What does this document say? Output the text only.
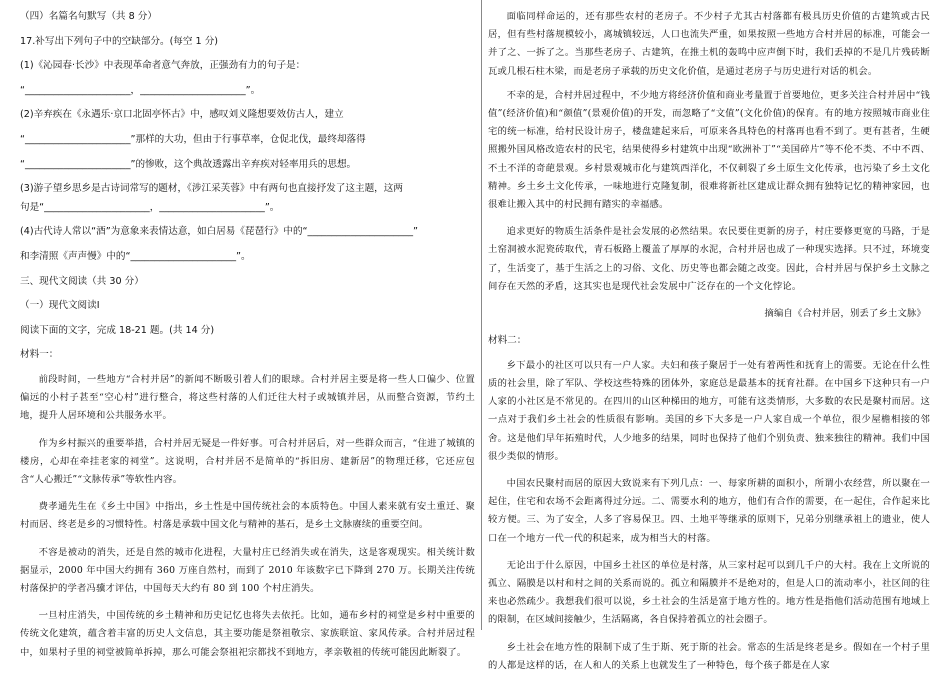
（四）名篇名句默写（共 8 分）

17.补写出下列句子中的空缺部分。(每空 1 分)

(1)《沁园春·长沙》中表现革命者意气奔放，正强劲有力的句子是：

“______________________，______________________”。

(2)辛弃疾在《永遇乐·京口北固亭怀古》中，感叹刘义隆想要效仿古人，建立

“______________________”那样的大功，但由于行事草率，仓促北伐，最终却落得

“______________________”的惨败，这个典故透露出辛弃疾对轻率用兵的思想。

(3)游子望乡思乡是古诗词常写的题材，《涉江采芙蓉》中有两句也直接抒发了这主题，这两

句是“______________________，______________________”。

(4)古代诗人常以“酒”为意象来表情达意，如白居易《琵琶行》中的“______________________”

和李清照《声声慢》中的“______________________”。

三、现代文阅读（共 30 分）

（一）现代文阅读Ⅰ

阅读下面的文字，完成 18-21 题。(共 14 分)

材料一：

前段时间，一些地方“合村并居”的新闻不断吸引着人们的眼球。合村并居主要是将一些人口偏少、位置偏远的小村子甚至“空心村”进行整合，将这些村落的人们迁往大村子或城镇并居，从而整合资源，节约土地，提升人居环境和公共服务水平。

作为乡村振兴的重要举措，合村并居无疑是一件好事。可合村并居后，对一些群众而言，“住进了城镇的楼房，心却在牵挂老家的祠堂”。这说明，合村并居不是简单的“拆旧房、建新居”的物理迁移，它还应包含“人心搬迁”“文脉传承”等软性内容。

费孝通先生在《乡土中国》中指出，乡土性是中国传统社会的本质特色。中国人素来就有安土重迁、聚村而居、终老是乡的习惯特性。村落是承载中国文化与精神的基石，是乡土文脉赓续的重要空间。

不容是被动的消失，还是自然的城市化进程，大量村庄已经消失或在消失，这是客观现实。相关统计数据显示，2000 年中国大约拥有 360 万座自然村，而到了 2010 年该数字已下降到 270 万。长期关注传统村落保护的学者冯骥才评估，中国每天大约有 80 到 100 个村庄消失。

一旦村庄消失，中国传统的乡土精神和历史记忆也将失去依托。比如，通布乡村的祠堂是乡村中重要的传统文化建筑，蕴含着丰富的历史人文信息，其主要功能是祭祖敬宗、家族联谊、家风传承。合村并居过程中，如果村子里的祠堂被简单拆掉，那么可能会祭祖祀宗都找不到地方，孝亲敬祖的传统可能因此断裂了。

面临同样命运的，还有那些农村的老房子。不少村子尤其古村落都有极具历史价值的古建筑或古民居，但有些村落规模较小，离城镇较远，人口也流失严重，如果按照一些地方合村并居的标准，可能会一并了之、一拆了之。当那些老房子、古建筑，在推土机的轰鸣中应声倒下时，我们丢掉的不是几片残砖断瓦或几根石柱木梁，而是老房子承载的历史文化价值，是通过老房子与历史进行对话的机会。

不幸的是，合村并居过程中，不少地方将经济价值和商业考量置于首要地位，更多关注合村并居中“钱值”(经济价值)和“颜值”(景观价值)的开发，而忽略了“文值”(文化价值)的保育。有的地方按照城市商业住宅的统一标准，给村民设计房子，楼盘建起来后，可原来各具特色的村落再也看不到了。更有甚者，生硬照搬外国风格改造农村的民宅，结果使得乡村建筑中出现“欧洲补丁”“美国碎片”等不伦不类、不中不西、不土不洋的奇葩景观。乡村景观城市化与建筑西洋化，不仅刺裂了乡土原生文化传承，也污染了乡土文化精神。乡土乡土文化传承，一味地进行克隆复制，很难将新社区建成让群众拥有独特记忆的精神家园，也很难让搬入其中的村民拥有踏实的幸福感。

追求更好的物质生活条件是社会发展的必然结果。农民要住更新的房子，村庄要修更宽的马路，于是土窑洞被水泥瓷砖取代，青石板路上覆盖了厚厚的水泥，合村并居也成了一种现实选择。只不过，环境变了，生活变了，基于生活之上的习俗、文化、历史等也都会随之改变。因此，合村并居与保护乡土文脉之间存在天然的矛盾，这其实也是现代社会发展中广泛存在的一个文化悖论。

摘编自《合村并居，别丢了乡土文脉》

材料二：

乡下最小的社区可以只有一户人家。夫妇和孩子聚居于一处有着两性和抚育上的需要。无论在什么性质的社会里，除了军队、学校这些特殊的团体外，家庭总是最基本的抚育社群。在中国乡下这种只有一户人家的小社区是不常见的。在四川的山区种梯田的地方，可能有这类情形，大多数的农民是聚村而居。这一点对于我们乡土社会的性质很有影响。美国的乡下大多是一户人家自成一个单位，很少屋檐相接的邻舍。这是他们早年拓殖时代，人少地多的结果，同时也保持了他们个别负责、独来独往的精神。我们中国很少类似的情形。

中国农民聚村而居的原因大致说来有下列几点：一、每家所耕的面积小，所谓小农经营，所以聚在一起住，住宅和农场不会距离得过分远。二、需要水利的地方，他们有合作的需要，在一起住，合作起来比较方便。三、为了安全，人多了容易保卫。四、土地平等继承的原则下，兄弟分别继承祖上的遗业，使人口在一个地方一代一代的积起来，成为相当大的村落。

无论出于什么原因，中国乡土社区的单位是村落，从三家村起可以到几千户的大村。我在上文所说的孤立、隔膜是以村和村之间的关系而说的。孤立和隔膜并不是绝对的，但是人口的流动率小，社区间的往来也必然疏少。我想我们很可以说，乡土社会的生活是富于地方性的。地方性是指他们活动范围有地域上的限制，在区域间接触少，生活隔离，各自保持着孤立的社会圈子。

乡土社会在地方性的限制下成了生于斯、死于斯的社会。常态的生活是终老是乡。假如在一个村子里的人都是这样的话，在人和人的关系上也就发生了一种特色，每个孩子都是在人家
